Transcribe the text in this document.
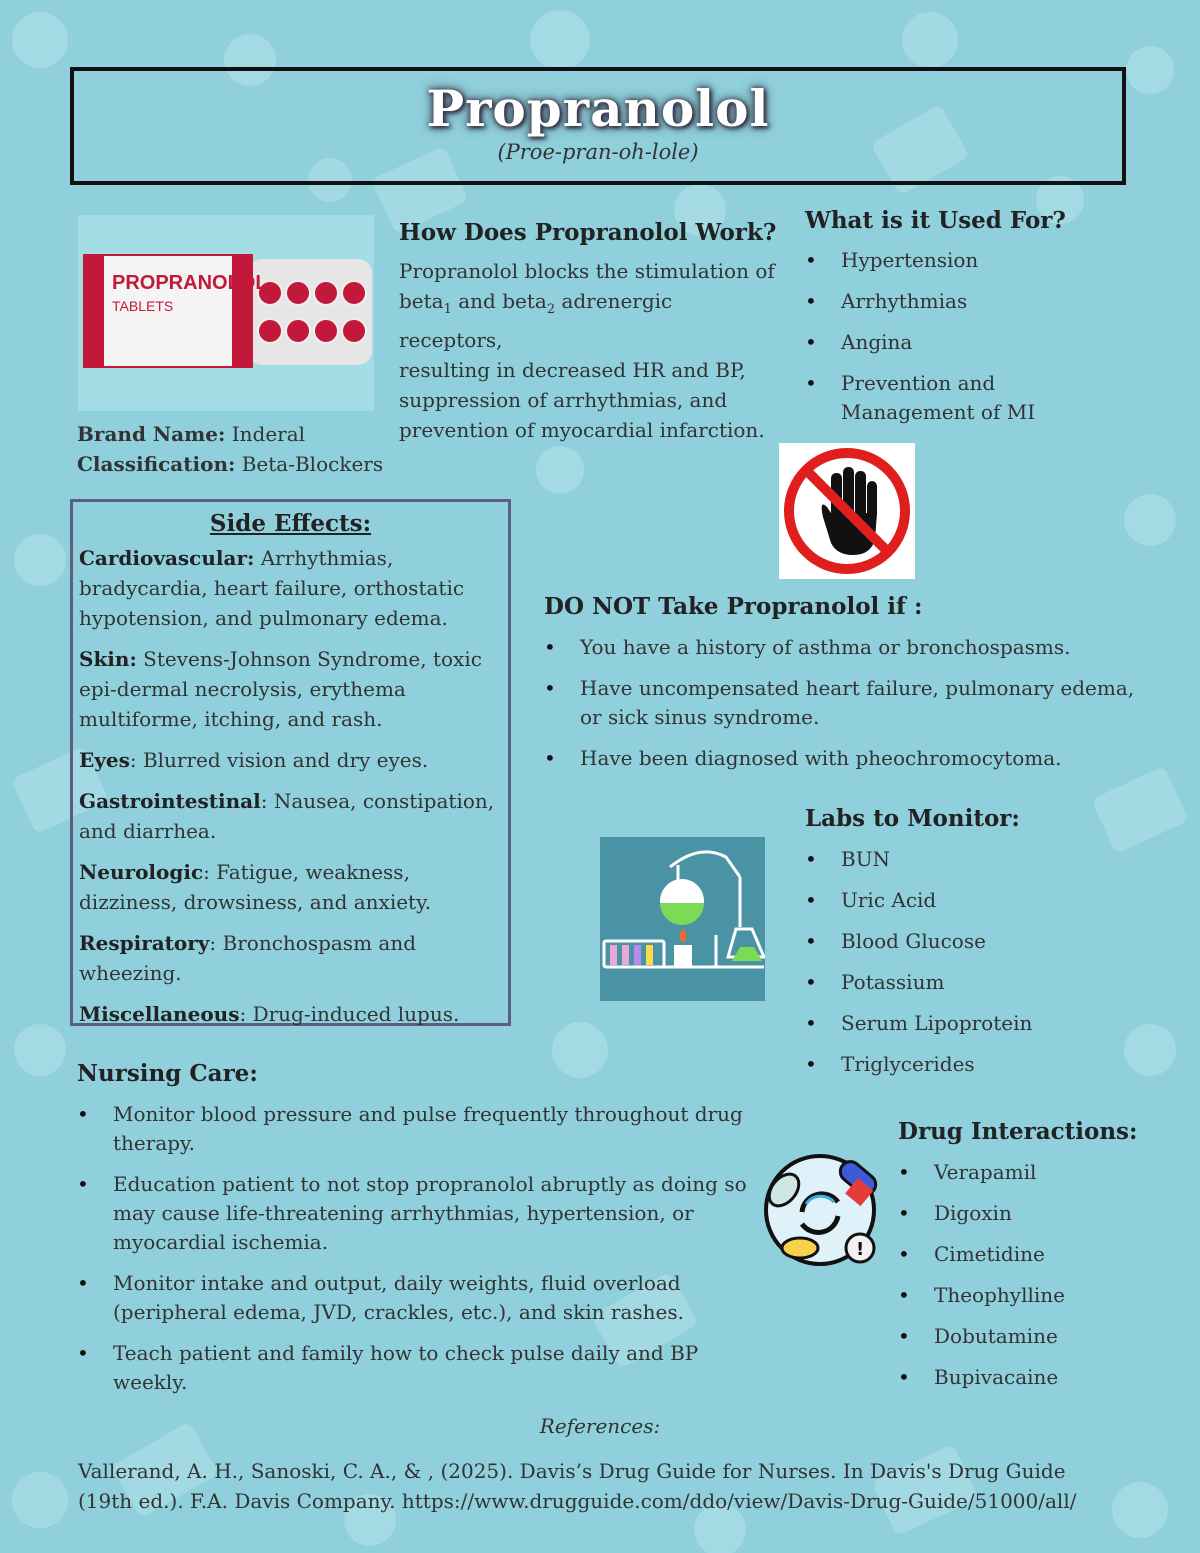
Propranolol
(Proe-pran-oh-lole)
PROPRANOLOL
TABLETS
How Does Propranolol Work?
Propranolol blocks the stimulation of
beta$_1$ and beta$_2$ adrenergic receptors,
resulting in decreased HR and BP,
suppression of arrhythmias, and
prevention of myocardial infarction.
Brand Name: Inderal
Classification: Beta-Blockers
What is it Used For?
• Hypertension
• Arrhythmias
• Angina
• Prevention and Management of MI
Side Effects:

Cardiovascular: Arrhythmias, bradycardia, heart failure, orthostatic hypotension, and pulmonary edema.

Skin: Stevens-Johnson Syndrome, toxic epi-dermal necrolysis, erythema multiforme, itching, and rash.

Eyes: Blurred vision and dry eyes.

Gastrointestinal: Nausea, constipation, and diarrhea.

Neurologic: Fatigue, weakness, dizziness, drowsiness, and anxiety.

Respiratory: Bronchospasm and wheezing.

Miscellaneous: Drug-induced lupus.

DO NOT Take Propranolol if :
• You have a history of asthma or bronchospasms.
• Have uncompensated heart failure, pulmonary edema, or sick sinus syndrome.
• Have been diagnosed with pheochromocytoma.
Labs to Monitor:
• BUN
• Uric Acid
• Blood Glucose
• Potassium
• Serum Lipoprotein
• Triglycerides
Nursing Care:
• Monitor blood pressure and pulse frequently throughout drug therapy.
• Education patient to not stop propranolol abruptly as doing so may cause life-threatening arrhythmias, hypertension, or myocardial ischemia.
• Monitor intake and output, daily weights, fluid overload (peripheral edema, JVD, crackles, etc.), and skin rashes.
• Teach patient and family how to check pulse daily and BP weekly.
!
Drug Interactions:
• Verapamil
• Digoxin
• Cimetidine
• Theophylline
• Dobutamine
• Bupivacaine
References:
Vallerand, A. H., Sanoski, C. A., & , (2025). Davis’s Drug Guide for Nurses. In Davis's Drug Guide (19th ed.). F.A. Davis Company. https://www.drugguide.com/ddo/view/Davis-Drug-Guide/51000/all/
